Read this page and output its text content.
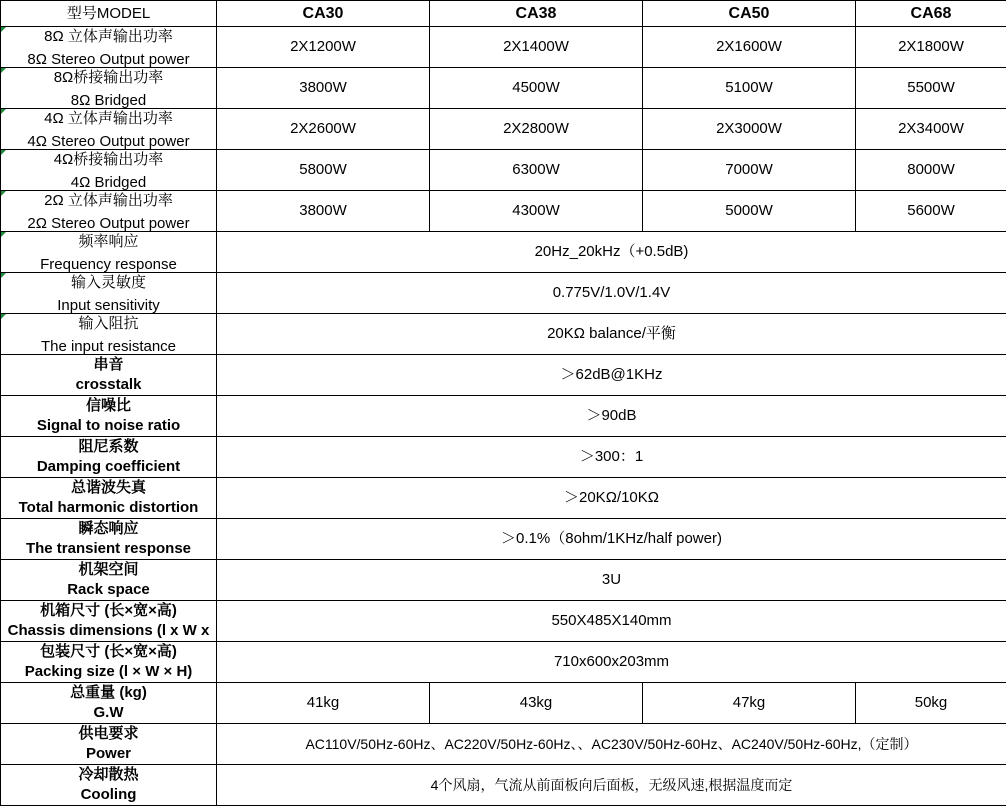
型号MODEL	CA30	CA38	CA50	CA68

8Ω 立体声输出功率
8Ω Stereo Output power	2X1200W	2X1400W	2X1600W	2X1800W

8Ω桥接输出功率
8Ω Bridged	3800W	4500W	5100W	5500W

4Ω 立体声输出功率
4Ω Stereo Output power	2X2600W	2X2800W	2X3000W	2X3400W

4Ω桥接输出功率
4Ω Bridged	5800W	6300W	7000W	8000W

2Ω 立体声输出功率
2Ω Stereo Output power	3800W	4300W	5000W	5600W

频率响应
Frequency response	20Hz_20kHz（+0.5dB)			

输入灵敏度
Input sensitivity	0.775V/1.0V/1.4V			

输入阻抗
The input resistance	20KΩ balance/平衡			

串音
crosstalk	＞62dB@1KHz			

信噪比
Signal to noise ratio	＞90dB			

阻尼系数
Damping coefficient	＞300：1			

总谐波失真
Total harmonic distortion	＞20KΩ/10KΩ			

瞬态响应
The transient response	＞0.1%（8ohm/1KHz/half power)			

机架空间
Rack space	3U			

机箱尺寸 (长×宽×高)
Chassis dimensions (l x W x	550X485X140mm			

包装尺寸 (长×宽×高)
Packing size (l × W × H)	710x600x203mm			

总重量 (kg)
G.W	41kg	43kg	47kg	50kg

供电要求
Power	AC110V/50Hz-60Hz、AC220V/50Hz-60Hz、、AC230V/50Hz-60Hz、AC240V/50Hz-60Hz,（定制）			

冷却散热
Cooling	4个风扇，气流从前面板向后面板，无级风速,根据温度而定			
